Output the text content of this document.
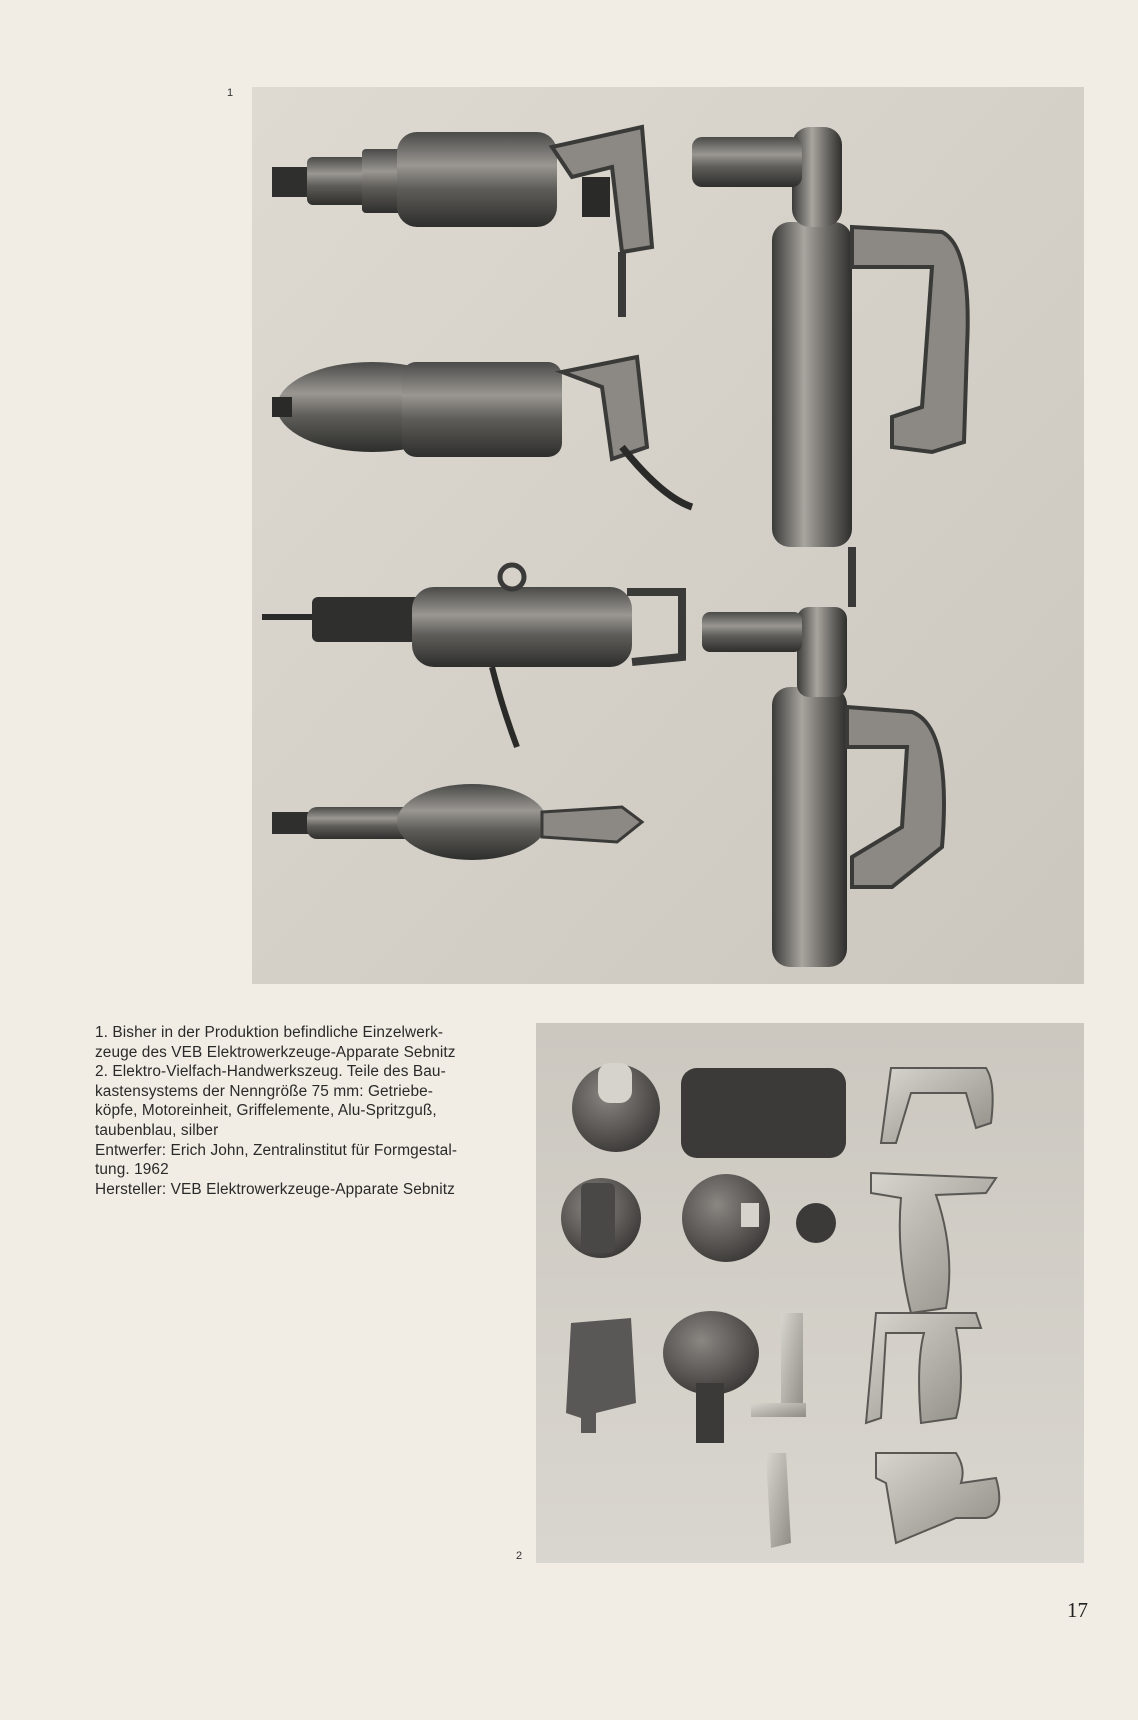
1

1. Bisher in der Produktion befindliche Einzelwerk-

zeuge des VEB Elektrowerkzeuge-Apparate Sebnitz

2. Elektro-Vielfach-Handwerkszeug. Teile des Bau-

kastensystems der Nenngröße 75 mm: Getriebe-

köpfe, Motoreinheit, Griffelemente, Alu-Spritzguß,

taubenblau, silber

Entwerfer: Erich John, Zentralinstitut für Formgestal-

tung. 1962

Hersteller: VEB Elektrowerkzeuge-Apparate Sebnitz

2
17
